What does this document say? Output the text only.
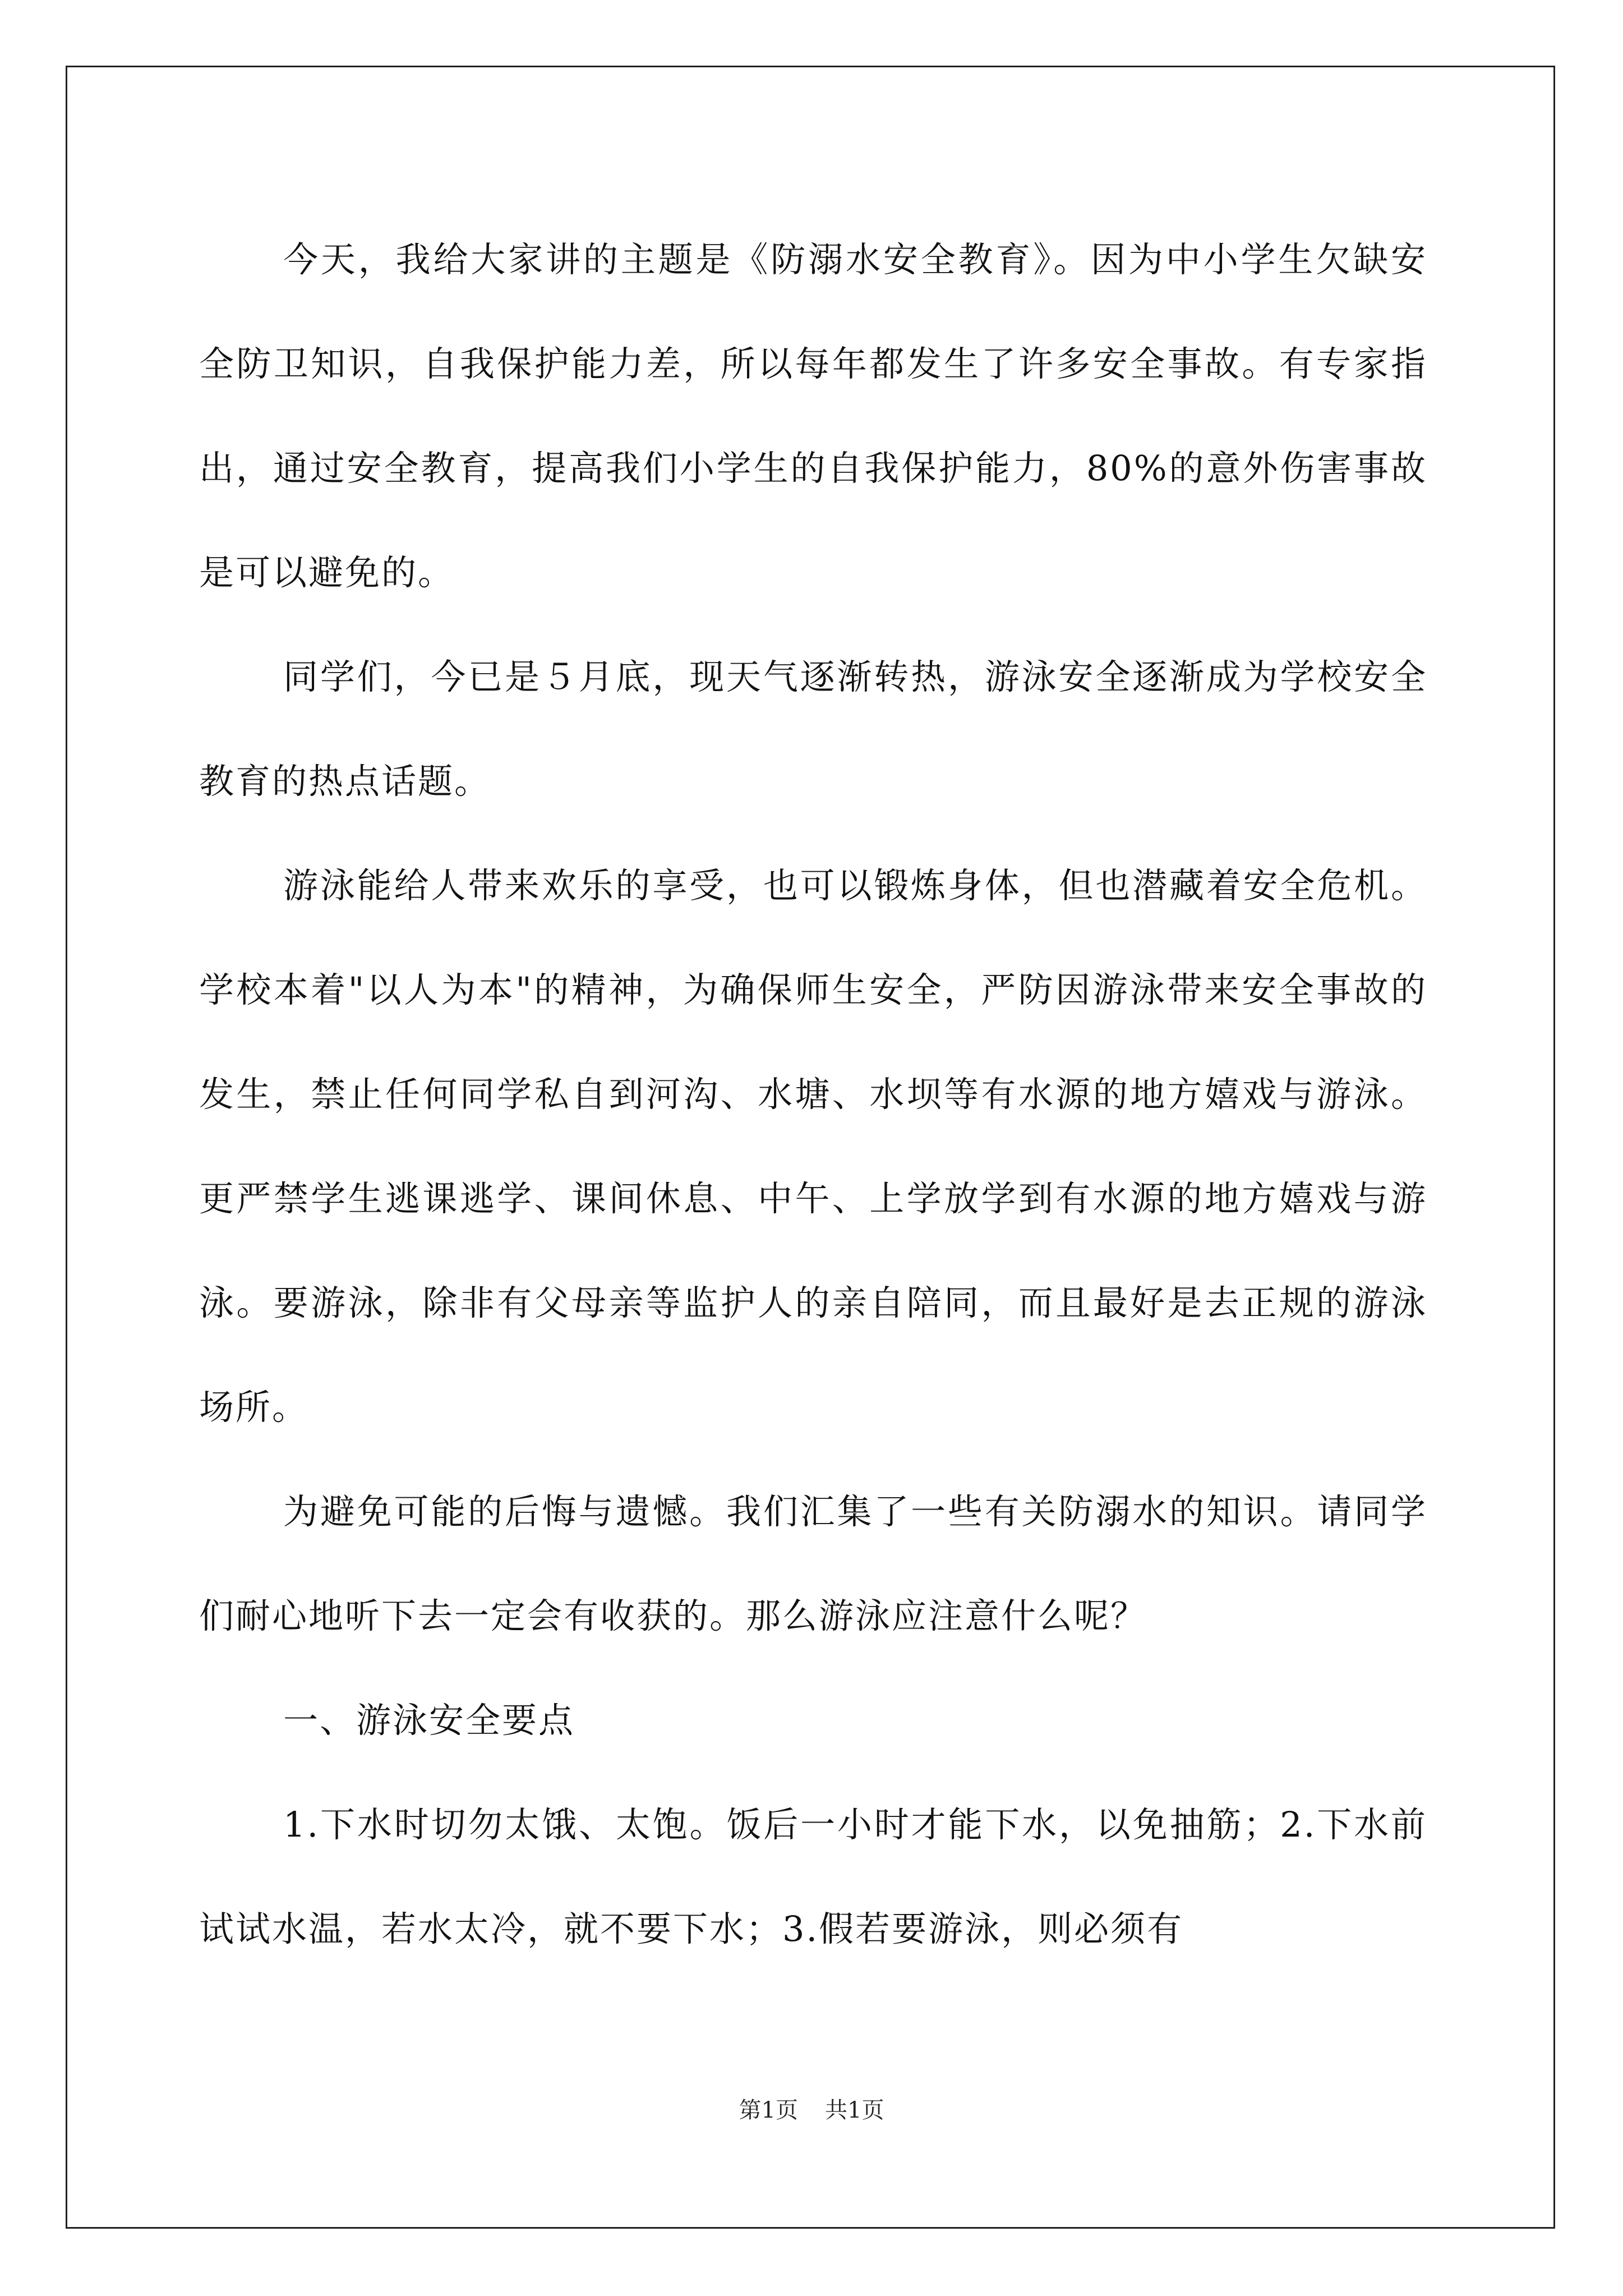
今天，我给大家讲的主题是《防溺水安全教育》。因为中小学生欠缺安全防卫知识，自我保护能力差，所以每年都发生了许多安全事故。有专家指出，通过安全教育，提高我们小学生的自我保护能力，80%的意外伤害事故是可以避免的。

同学们，今已是５月底，现天气逐渐转热，游泳安全逐渐成为学校安全教育的热点话题。

游泳能给人带来欢乐的享受，也可以锻炼身体，但也潜藏着安全危机。学校本着"以人为本"的精神，为确保师生安全，严防因游泳带来安全事故的发生，禁止任何同学私自到河沟、水塘、水坝等有水源的地方嬉戏与游泳。更严禁学生逃课逃学、课间休息、中午、上学放学到有水源的地方嬉戏与游泳。要游泳，除非有父母亲等监护人的亲自陪同，而且最好是去正规的游泳场所。

为避免可能的后悔与遗憾。我们汇集了一些有关防溺水的知识。请同学们耐心地听下去一定会有收获的。那么游泳应注意什么呢？

一、游泳安全要点

1.下水时切勿太饿、太饱。饭后一小时才能下水，以免抽筋；2.下水前试试水温，若水太冷，就不要下水；3.假若要游泳，则必须有

第1页 共1页
